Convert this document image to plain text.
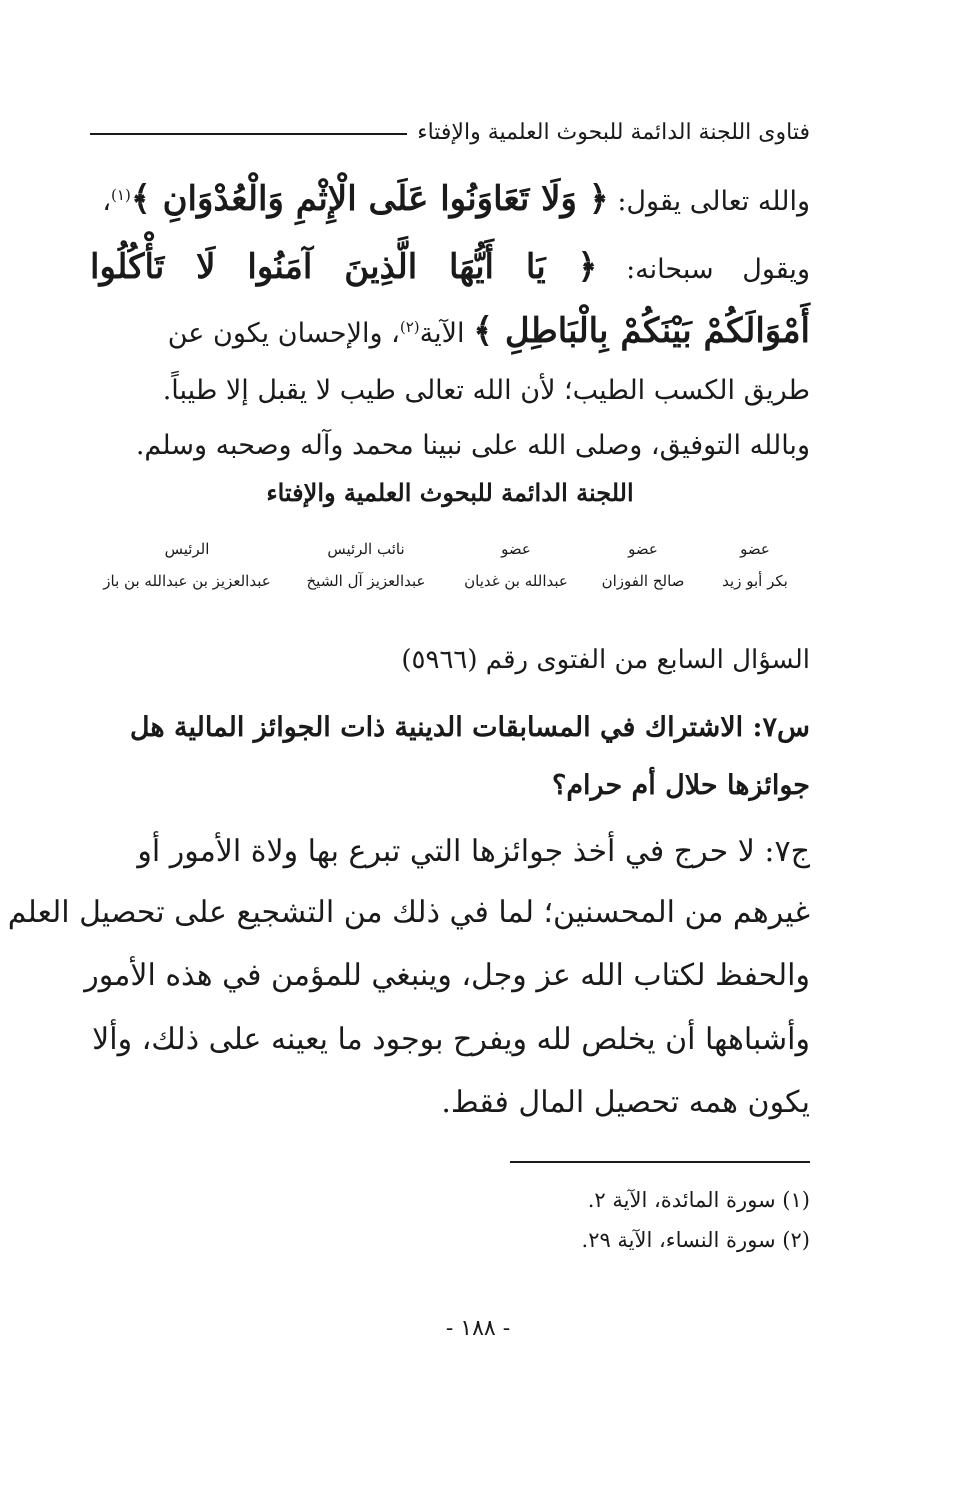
فتاوى اللجنة الدائمة للبحوث العلمية والإفتاء
والله تعالى يقول: ﴿ وَلَا تَعَاوَنُوا عَلَى الْإِثْمِ وَالْعُدْوَانِ ﴾$^{(١)}$،
ويقول سبحانه: ﴿ يَا أَيُّهَا الَّذِينَ آمَنُوا لَا تَأْكُلُوا
أَمْوَالَكُمْ بَيْنَكُمْ بِالْبَاطِلِ ﴾ الآية$^{(٢)}$، والإحسان يكون عن
طريق الكسب الطيب؛ لأن الله تعالى طيب لا يقبل إلا طيباً.
وبالله التوفيق، وصلى الله على نبينا محمد وآله وصحبه وسلم.
اللجنة الدائمة للبحوث العلمية والإفتاء
عضو
بكر أبو زيد
عضو
صالح الفوزان
عضو
عبدالله بن غديان
نائب الرئيس
عبدالعزيز آل الشيخ
الرئيس
عبدالعزيز بن عبدالله بن باز
السؤال السابع من الفتوى رقم (٥٩٦٦)
س٧: الاشتراك في المسابقات الدينية ذات الجوائز المالية هل
جوائزها حلال أم حرام؟
ج٧: لا حرج في أخذ جوائزها التي تبرع بها ولاة الأمور أو
غيرهم من المحسنين؛ لما في ذلك من التشجيع على تحصيل العلم
والحفظ لكتاب الله عز وجل، وينبغي للمؤمن في هذه الأمور
وأشباهها أن يخلص لله ويفرح بوجود ما يعينه على ذلك، وألا
يكون همه تحصيل المال فقط.
(١) سورة المائدة، الآية ٢.
(٢) سورة النساء، الآية ٢٩.
- ١٨٨ -
